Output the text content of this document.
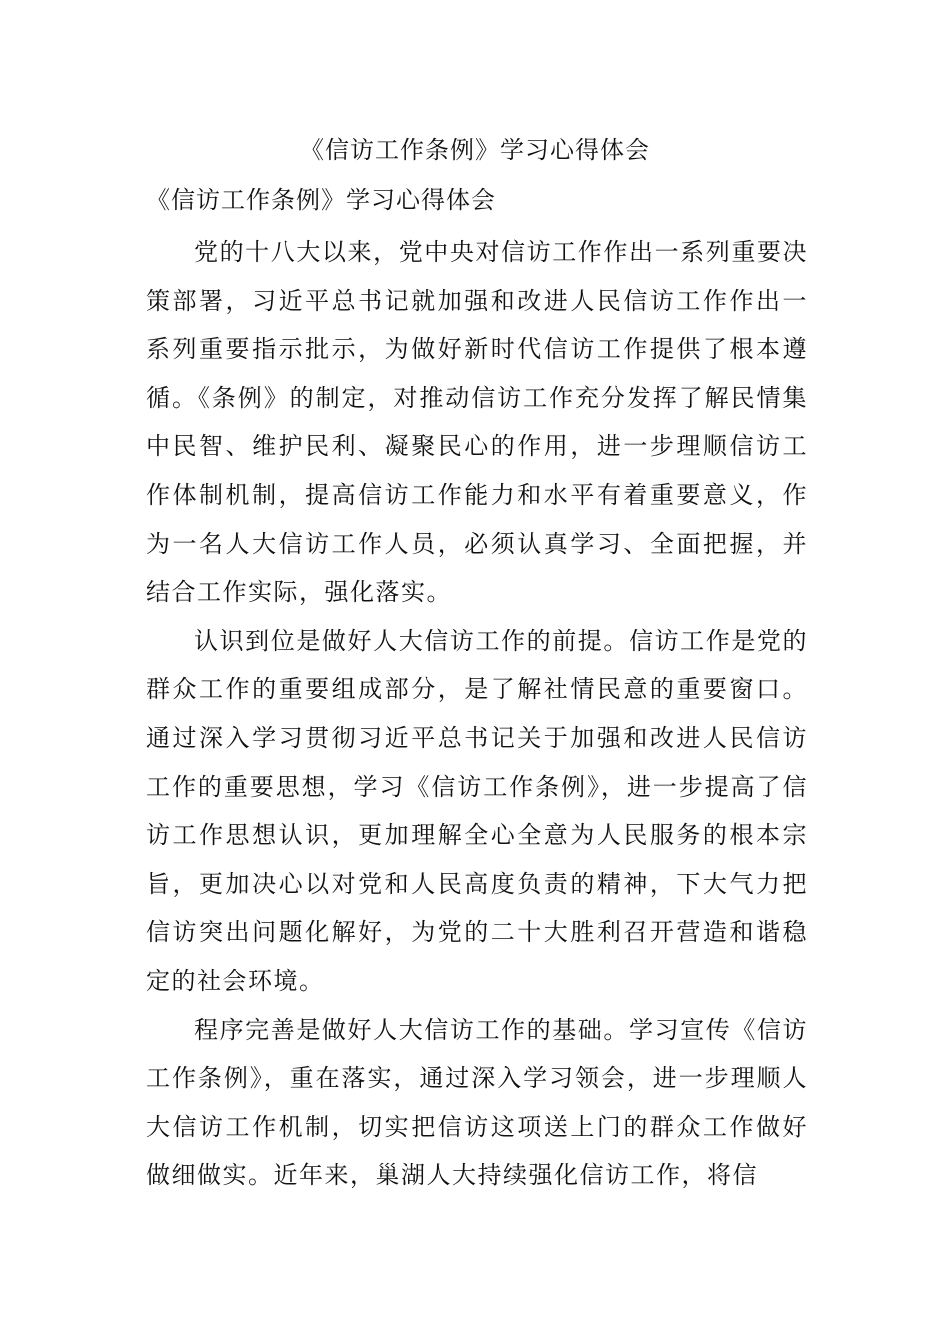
《信访工作条例》学习心得体会
《信访工作条例》学习心得体会

党的十八大以来，党中央对信访工作作出一系列重要决策部署，习近平总书记就加强和改进人民信访工作作出一系列重要指示批示，为做好新时代信访工作提供了根本遵循。《条例》的制定，对推动信访工作充分发挥了解民情集中民智、维护民利、凝聚民心的作用，进一步理顺信访工作体制机制，提高信访工作能力和水平有着重要意义，作为一名人大信访工作人员，必须认真学习、全面把握，并结合工作实际，强化落实。

认识到位是做好人大信访工作的前提。信访工作是党的群众工作的重要组成部分，是了解社情民意的重要窗口。通过深入学习贯彻习近平总书记关于加强和改进人民信访工作的重要思想，学习《信访工作条例》，进一步提高了信访工作思想认识，更加理解全心全意为人民服务的根本宗旨，更加决心以对党和人民高度负责的精神，下大气力把信访突出问题化解好，为党的二十大胜利召开营造和谐稳定的社会环境。

程序完善是做好人大信访工作的基础。学习宣传《信访工作条例》，重在落实，通过深入学习领会，进一步理顺人大信访工作机制，切实把信访这项送上门的群众工作做好做细做实。近年来，巢湖人大持续强化信访工作，将信
